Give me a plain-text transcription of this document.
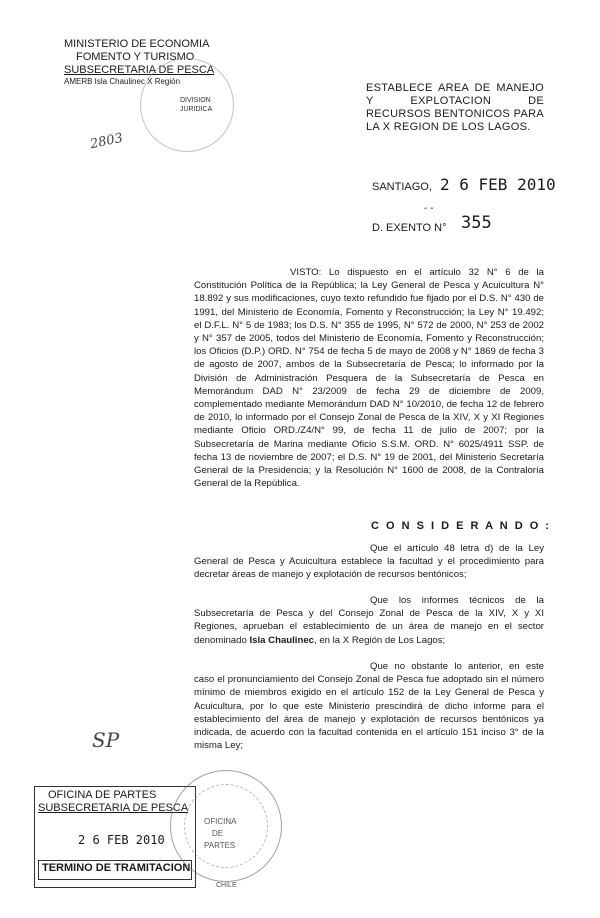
MINISTERIO DE ECONOMIA
FOMENTO Y TURISMO
SUBSECRETARIA DE PESCA
AMERB Isla Chaulinec X Región
DIVISION
JURIDICA
2803
ESTABLECE AREA DE MANEJO Y EXPLOTACION DE RECURSOS BENTONICOS PARA LA X REGION DE LOS LAGOS.
SANTIAGO, 2 6 FEB 2010
- -
D. EXENTO N° 355
VISTO: Lo dispuesto en el artículo 32 N° 6 de la Constitución Política de la República; la Ley General de Pesca y Acuicultura N° 18.892 y sus modificaciones, cuyo texto refundido fue fijado por el D.S. N° 430 de 1991, del Ministerio de Economía, Fomento y Reconstrucción; la Ley N° 19.492; el D.F.L. N° 5 de 1983; los D.S. N° 355 de 1995, N° 572 de 2000, N° 253 de 2002 y N° 357 de 2005, todos del Ministerio de Economía, Fomento y Reconstrucción; los Oficios (D.P.) ORD. N° 754 de fecha 5 de mayo de 2008 y N° 1869 de fecha 3 de agosto de 2007, ambos de la Subsecretaría de Pesca; lo informado por la División de Administración Pesquera de la Subsecretaría de Pesca en Memorándum DAD N° 23/2009 de fecha 29 de diciembre de 2009, complementado mediante Memorándum DAD N° 10/2010, de fecha 12 de febrero de 2010, lo informado por el Consejo Zonal de Pesca de la XIV, X y XI Regiones mediante Oficio ORD./Z4/N° 99, de fecha 11 de julio de 2007; por la Subsecretaría de Marina mediante Oficio S.S.M. ORD. N° 6025/4911 SSP. de fecha 13 de noviembre de 2007; el D.S. N° 19 de 2001, del Ministerio Secretaría General de la Presidencia; y la Resolución N° 1600 de 2008, de la Contraloría General de la República.
C O N S I D E R A N D O :
Que el artículo 48 letra d) de la Ley General de Pesca y Acuicultura establece la facultad y el procedimiento para decretar áreas de manejo y explotación de recursos bentónicos;
Que los informes técnicos de la Subsecretaría de Pesca y del Consejo Zonal de Pesca de la XIV, X y XI Regiones, aprueban el establecimiento de un área de manejo en el sector denominado Isla Chaulinec, en la X Región de Los Lagos;
Que no obstante lo anterior, en este caso el pronunciamiento del Consejo Zonal de Pesca fue adoptado sin el número mínimo de miembros exigido en el artículo 152 de la Ley General de Pesca y Acuicultura, por lo que este Ministerio prescindirá de dicho informe para el establecimiento del área de manejo y explotación de recursos bentónicos ya indicada, de acuerdo con la facultad contenida en el artículo 151 inciso 3° de la misma Ley;
SP
OFICINA DE PARTES
SUBSECRETARIA DE PESCA
2 6 FEB 2010
TERMINO DE TRAMITACION
OFICINA
DE
PARTES
CHILE
